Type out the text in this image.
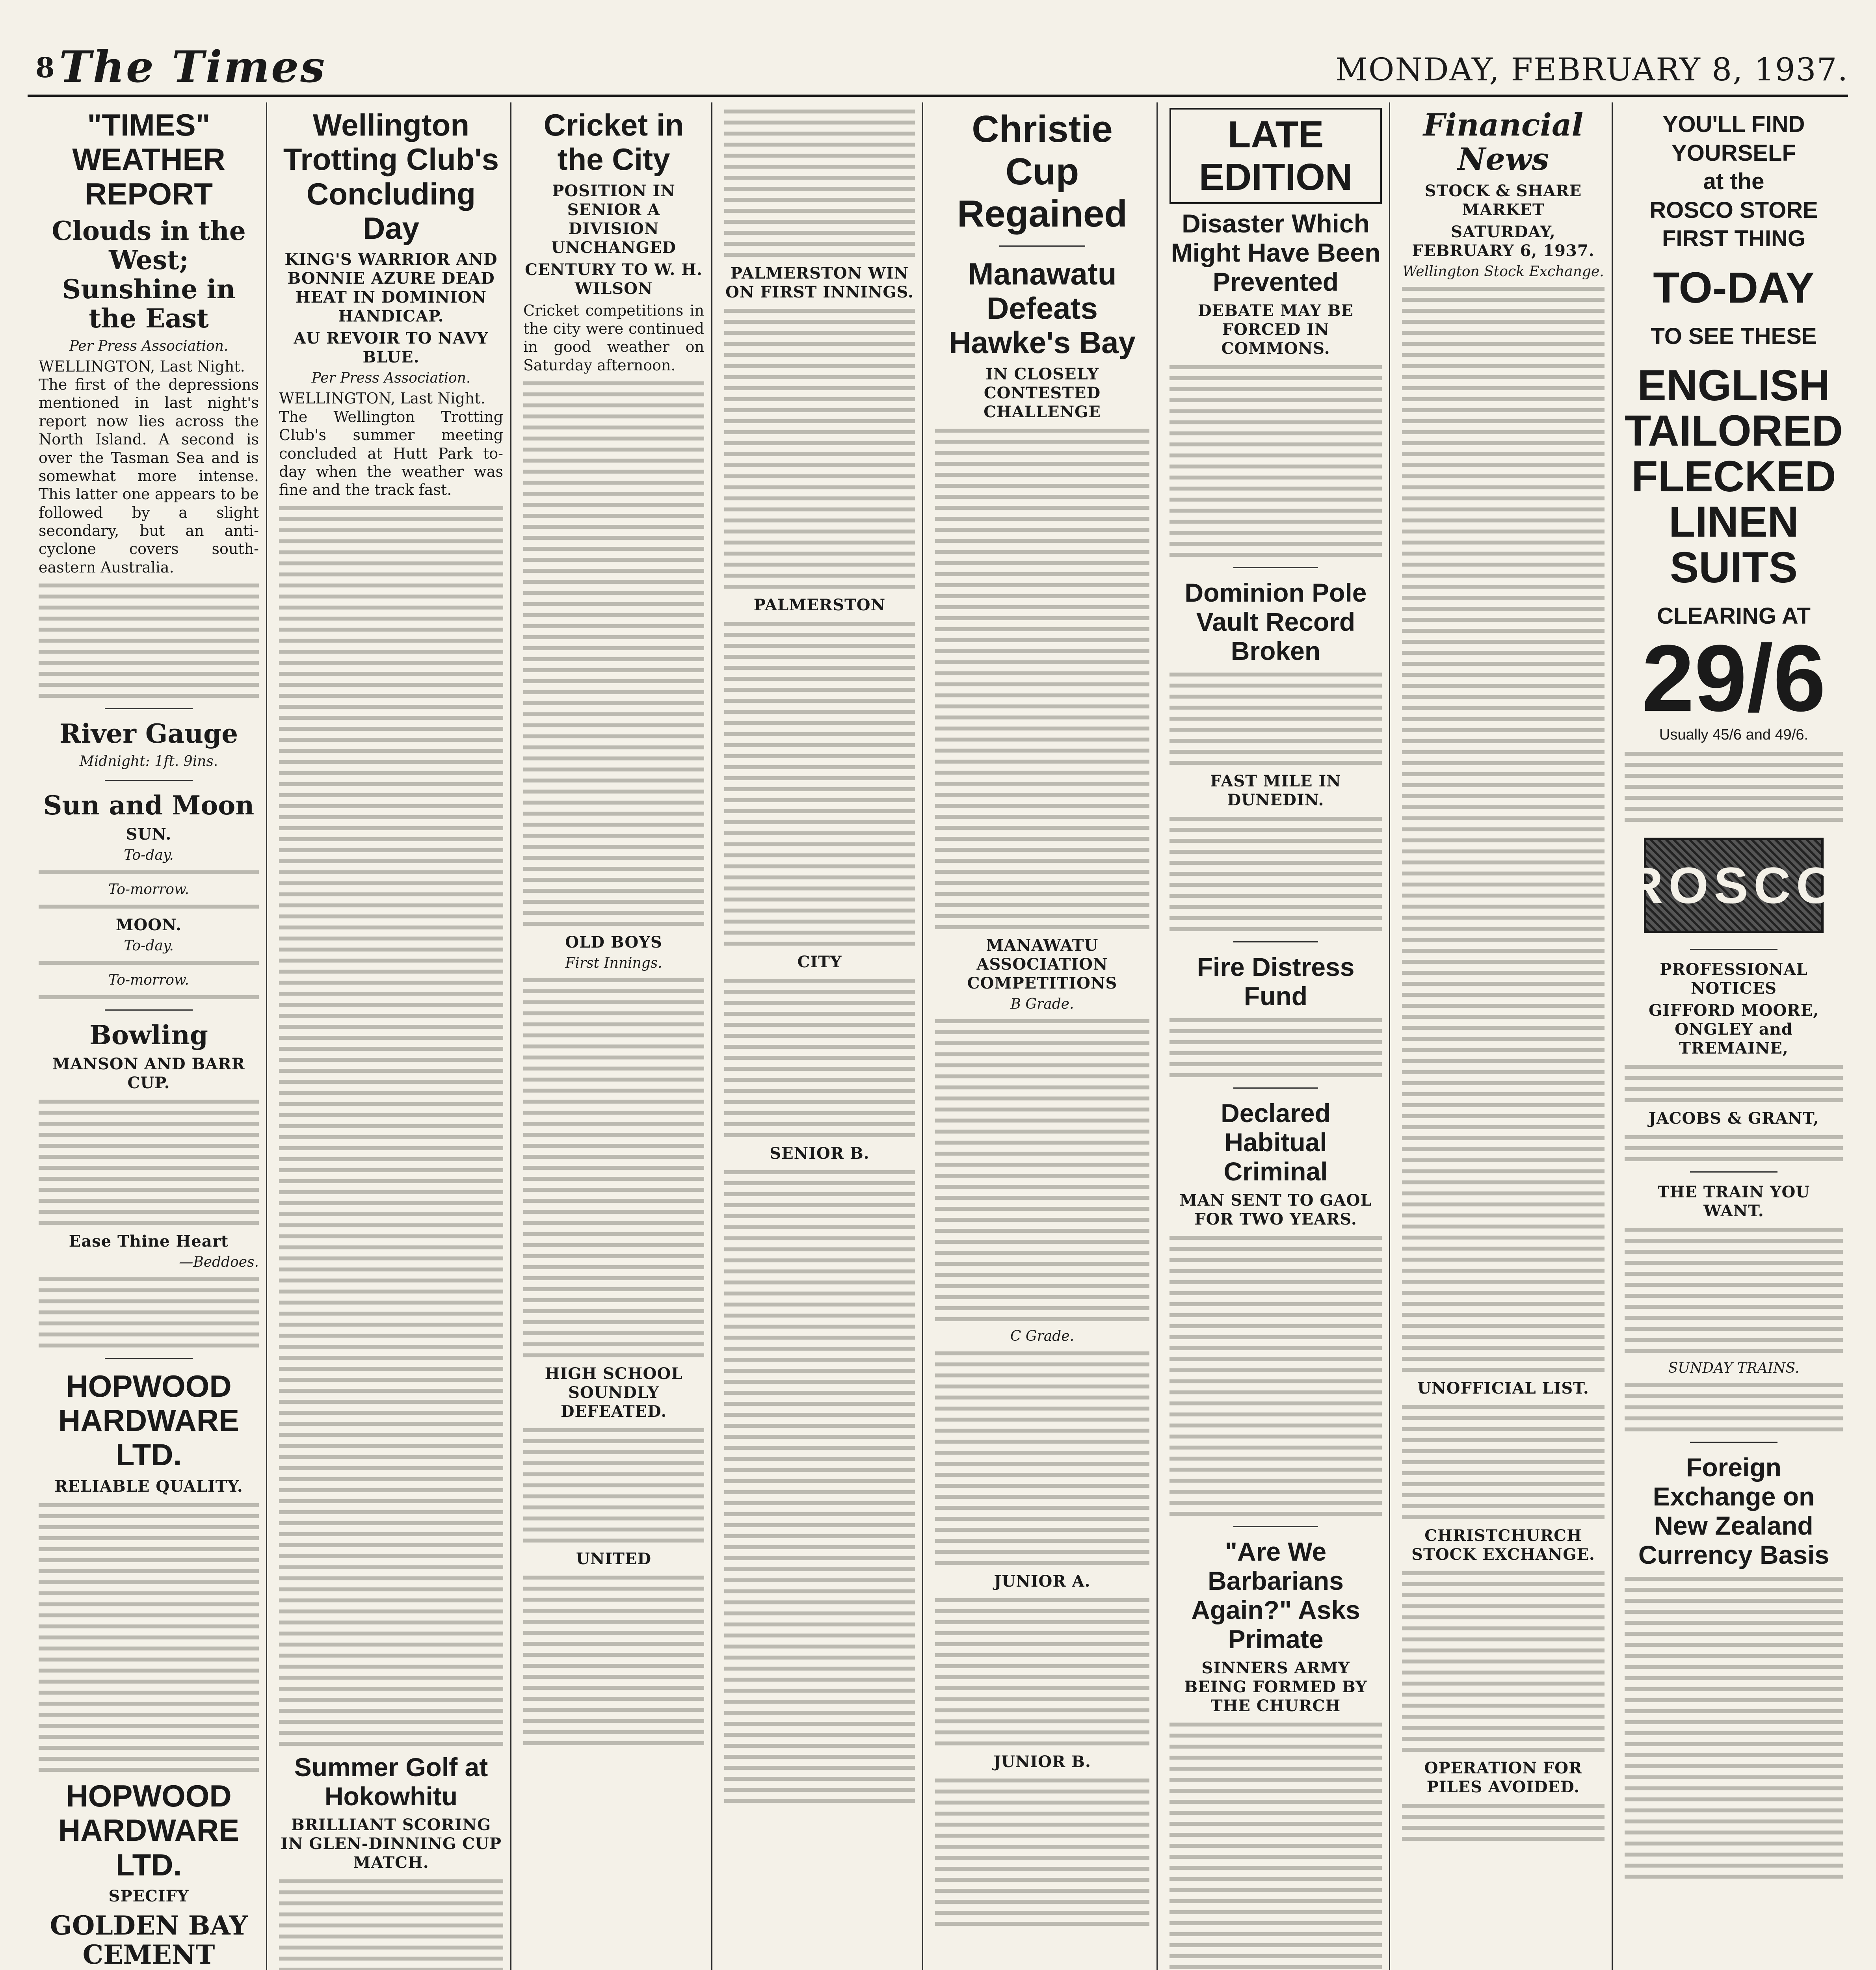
8 The Times	MONDAY, FEBRUARY 8, 1937.
"TIMES" WEATHER REPORT
Clouds in the West; Sunshine in the East
Per Press Association.

WELLINGTON, Last Night.
The first of the depressions mentioned in last night's report now lies across the North Island. A second is over the Tasman Sea and is somewhat more intense. This latter one appears to be followed by a slight secondary, but an anti-cyclone covers south-eastern Australia.

River Gauge
Midnight: 1ft. 9ins.
Sun and Moon
SUN.
To-day.
To-morrow.
MOON.
To-day.
To-morrow.
Bowling
MANSON AND BARR CUP.
Ease Thine Heart
—Beddoes.
HOPWOOD HARDWARE LTD.
RELIABLE QUALITY.
HOPWOOD HARDWARE LTD.
SPECIFY
GOLDEN BAY CEMENT
Wellington Trotting Club's Concluding Day
KING'S WARRIOR AND BONNIE AZURE DEAD HEAT IN DOMINION HANDICAP.
AU REVOIR TO NAVY BLUE.
Per Press Association.

WELLINGTON, Last Night.
The Wellington Trotting Club's summer meeting concluded at Hutt Park to-day when the weather was fine and the track fast.

Summer Golf at Hokowhitu
BRILLIANT SCORING IN GLEN-DINNING CUP MATCH.
Cricket in the City
POSITION IN SENIOR A DIVISION UNCHANGED
CENTURY TO W. H. WILSON

Cricket competitions in the city were continued in good weather on Saturday afternoon.

OLD BOYS
First Innings.
HIGH SCHOOL SOUNDLY DEFEATED.
UNITED
PALMERSTON WIN ON FIRST INNINGS.
PALMERSTON
CITY
SENIOR B.
Christie Cup Regained
Manawatu Defeats Hawke's Bay
IN CLOSELY CONTESTED CHALLENGE
MANAWATU ASSOCIATION COMPETITIONS
B Grade.
C Grade.
JUNIOR A.
JUNIOR B.
LATE EDITION
Disaster Which Might Have Been Prevented
DEBATE MAY BE FORCED IN COMMONS.
Dominion Pole Vault Record Broken
FAST MILE IN DUNEDIN.
Fire Distress Fund
Declared Habitual Criminal
MAN SENT TO GAOL FOR TWO YEARS.
"Are We Barbarians Again?" Asks Primate
SINNERS ARMY BEING FORMED BY THE CHURCH
Financial News
STOCK & SHARE MARKET
SATURDAY, FEBRUARY 6, 1937.
Wellington Stock Exchange.
UNOFFICIAL LIST.
CHRISTCHURCH STOCK EXCHANGE.
OPERATION FOR PILES AVOIDED.
YOU'LL FIND YOURSELF
at the
ROSCO STORE FIRST THING
TO-DAY
TO SEE THESE
ENGLISH TAILORED FLECKED LINEN SUITS
CLEARING AT
29/6
Usually 45/6 and 49/6.
ROSCO
PROFESSIONAL NOTICES
GIFFORD MOORE, ONGLEY and TREMAINE,
JACOBS & GRANT,
THE TRAIN YOU WANT.
SUNDAY TRAINS.
Foreign Exchange on New Zealand Currency Basis
